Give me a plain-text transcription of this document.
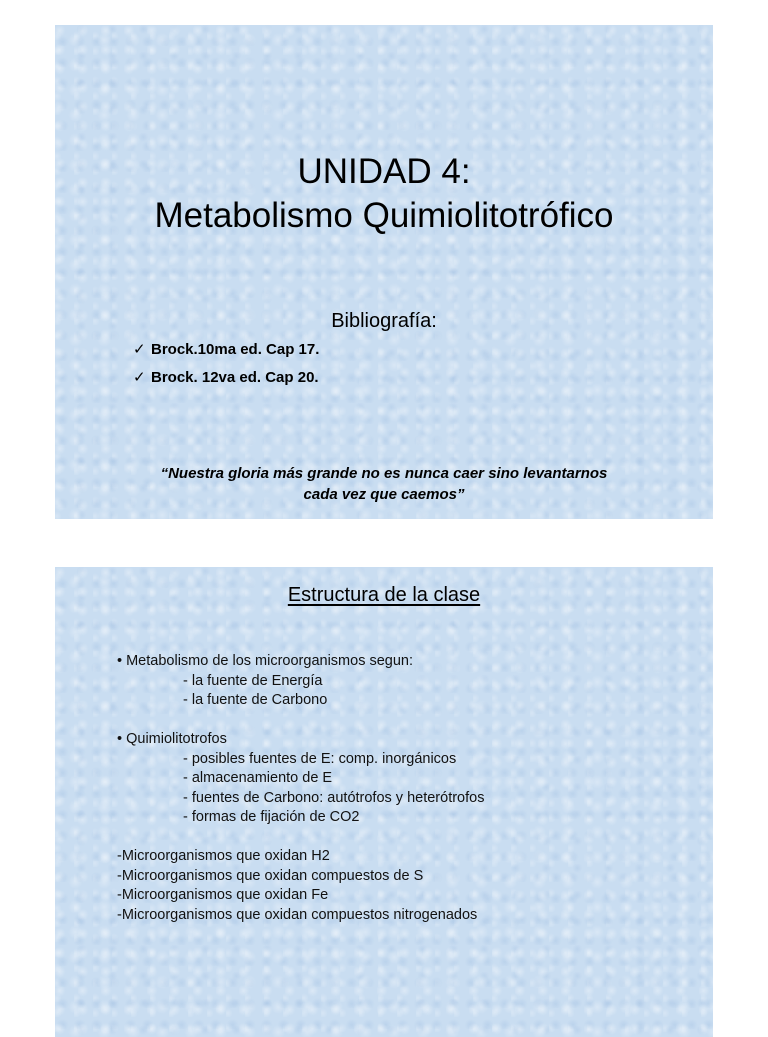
UNIDAD 4:
Metabolismo Quimiolitotrófico
Bibliografía:
✓ Brock.10ma ed. Cap 17.
✓ Brock. 12va ed. Cap 20.
“Nuestra gloria más grande no es nunca caer sino levantarnos
cada vez que caemos”
Estructura de la clase
• Metabolismo de los microorganismos segun:
- la fuente de Energía
- la fuente de Carbono
• Quimiolitotrofos
- posibles fuentes de E: comp. inorgánicos
- almacenamiento de E
- fuentes de Carbono: autótrofos y heterótrofos
- formas de fijación de CO2
-Microorganismos que oxidan H2
-Microorganismos que oxidan compuestos de S
-Microorganismos que oxidan Fe
-Microorganismos que oxidan compuestos nitrogenados
